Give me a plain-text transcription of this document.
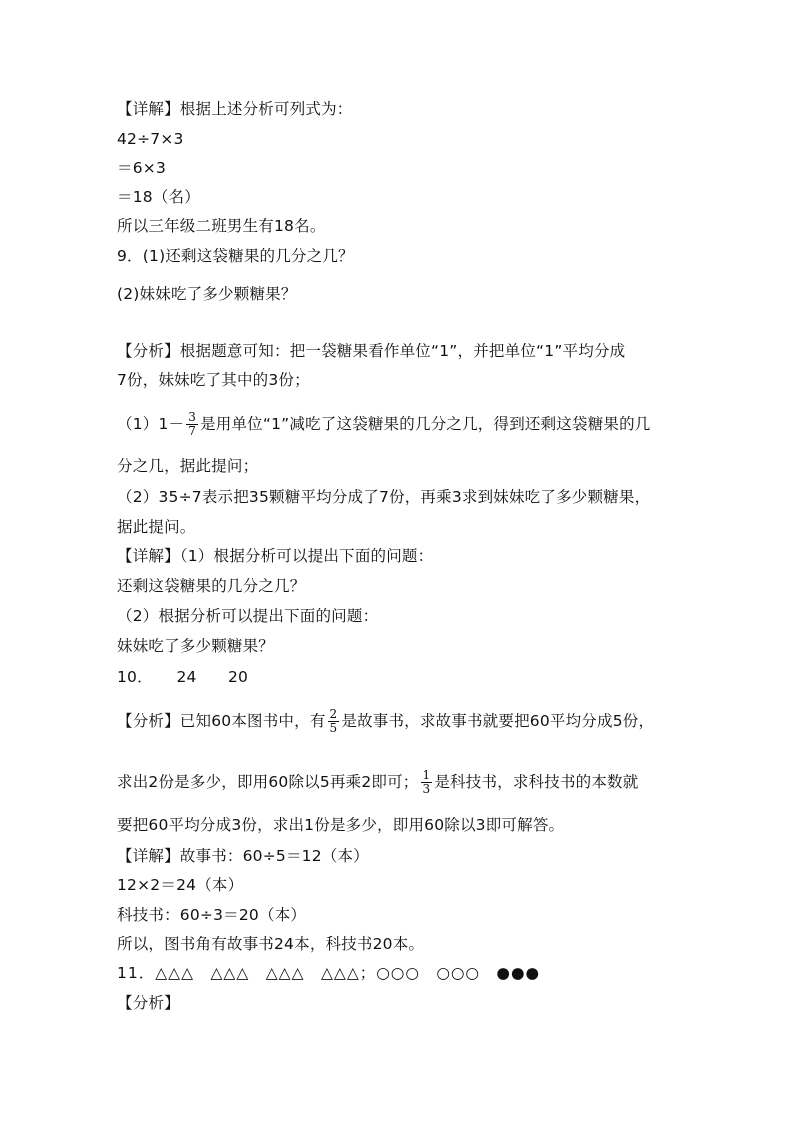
【详解】根据上述分析可列式为：
42÷7×3
＝6×3
＝18（名）
所以三年级二班男生有18名。
9．(1)还剩这袋糖果的几分之几？
(2)妹妹吃了多少颗糖果？
【分析】根据题意可知：把一袋糖果看作单位“1”，并把单位“1”平均分成
7份，妹妹吃了其中的3份；
$(1)1- \frac{3}{7}$ 是用单位“1”减吃了这袋糖果的几分之几，得到还剩这袋糖果的几
分之几，据此提问；
（2）35÷7表示把35颗糖平均分成了7份，再乘3求到妹妹吃了多少颗糖果，
据此提问。
【详解】（1）根据分析可以提出下面的问题：
还剩这袋糖果的几分之几？
（2）根据分析可以提出下面的问题：
妹妹吃了多少颗糖果？
10．　　24　　20
【分析】已知60本图书中，有 $\frac{2}{5}$ 是故事书，求故事书就要把60平均分成5份，
求出2份是多少，即用60除以5再乘2即可； $\frac{1}{3}$ 是科技书，求科技书的本数就
要把60平均分成3份，求出1份是多少，即用60除以3即可解答。
【详解】故事书：60÷5＝12（本）
12×2＝24（本）
科技书：60÷3＝20（本）
所以，图书角有故事书24本，科技书20本。
11．△△△　△△△　△△△　△△△；○○○　○○○　●●●
【分析】
